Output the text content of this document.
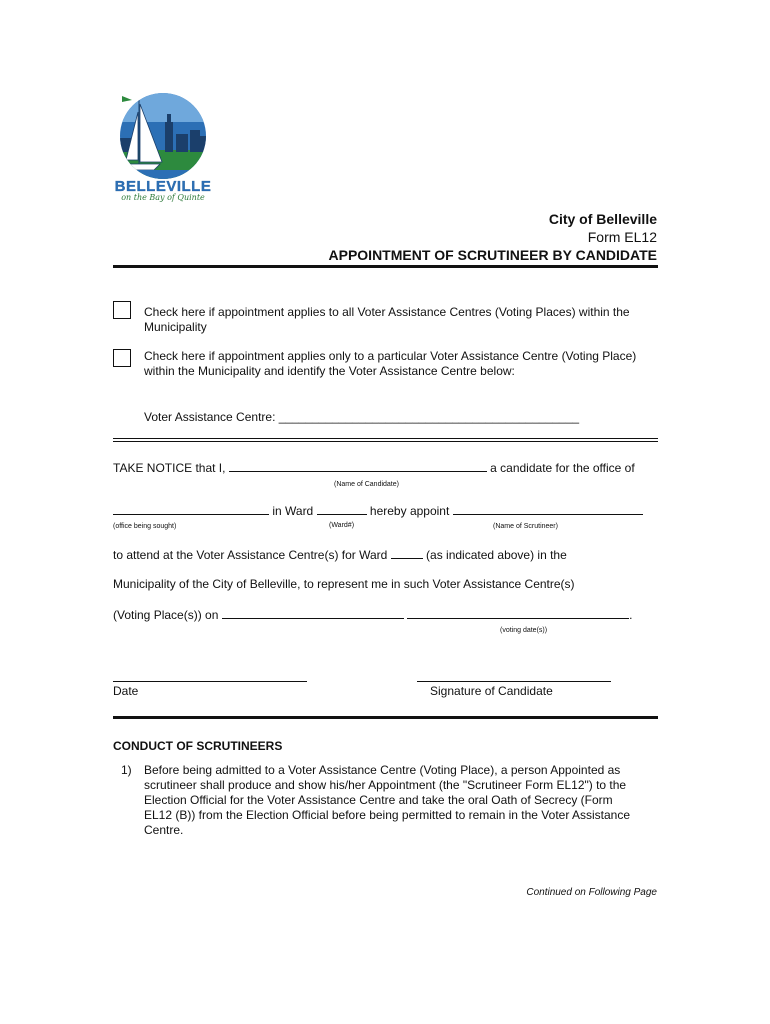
BELLEVILLE
on the Bay of Quinte
City of Belleville
Form EL12
APPOINTMENT OF SCRUTINEER BY CANDIDATE
Check here if appointment applies to all Voter Assistance Centres (Voting Places) within the Municipality
Check here if appointment applies only to a particular Voter Assistance Centre (Voting Place) within the Municipality and identify the Voter Assistance Centre below:
Voter Assistance Centre: _____________________________________________
TAKE NOTICE that I,	a candidate for the office of
(Name of Candidate)
in Ward	hereby appoint
(office being sought)	(Ward#)	(Name of Scrutineer)
to attend at the Voter Assistance Centre(s) for Ward	(as indicated above) in the
Municipality of the City of Belleville, to represent me in such Voter Assistance Centre(s)
(Voting Place(s)) on	.
(voting date(s))
Date	Signature of Candidate
CONDUCT OF SCRUTINEERS
1) Before being admitted to a Voter Assistance Centre (Voting Place), a person Appointed as
scrutineer shall produce and show his/her Appointment (the "Scrutineer Form EL12") to the
Election Official for the Voter Assistance Centre and take the oral Oath of Secrecy (Form
EL12 (B)) from the Election Official before being permitted to remain in the Voter Assistance
Centre.
Continued on Following Page
